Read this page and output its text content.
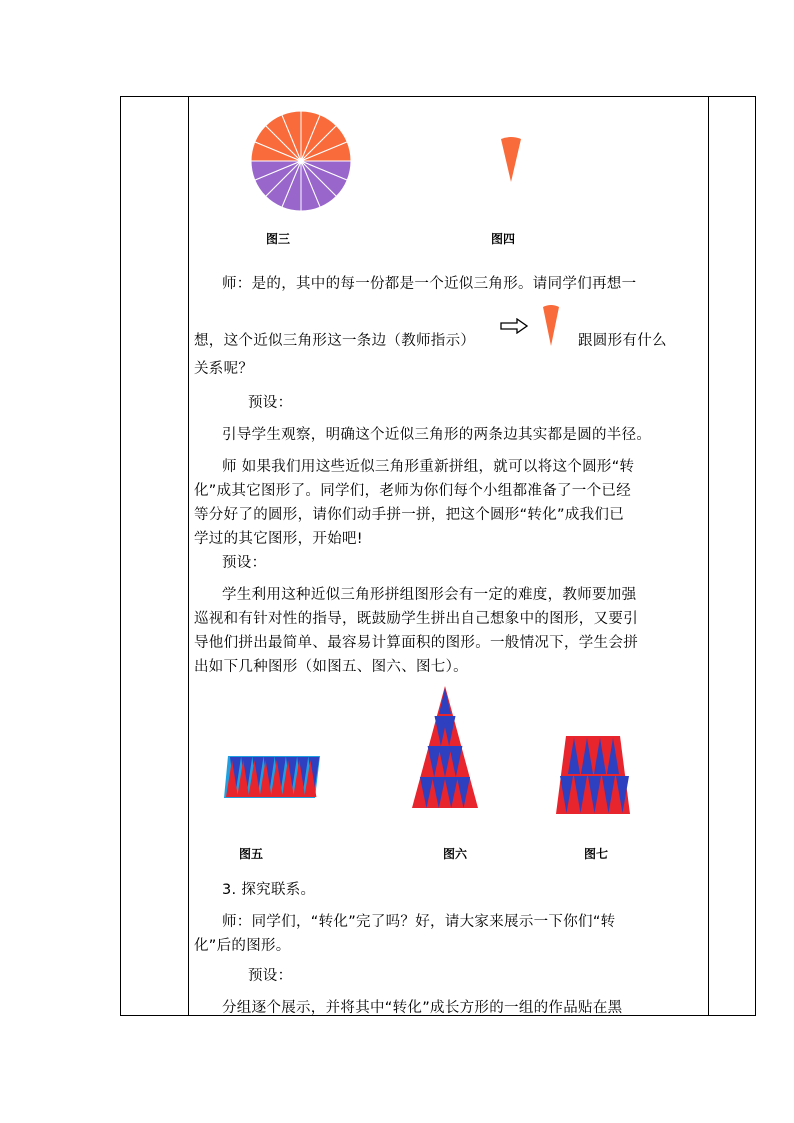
图三	图四
师：是的，其中的每一份都是一个近似三角形。请同学们再想一
想，这个近似三角形这一条边（教师指示）	跟圆形有什么
关系呢？
预设：
引导学生观察，明确这个近似三角形的两条边其实都是圆的半径。
师 如果我们用这些近似三角形重新拼组，就可以将这个圆形“转
化”成其它图形了。同学们，老师为你们每个小组都准备了一个已经
等分好了的圆形，请你们动手拼一拼，把这个圆形“转化”成我们已
学过的其它图形，开始吧!
预设：
学生利用这种近似三角形拼组图形会有一定的难度，教师要加强
巡视和有针对性的指导，既鼓励学生拼出自己想象中的图形，又要引
导他们拼出最简单、最容易计算面积的图形。一般情况下，学生会拼
出如下几种图形（如图五、图六、图七）。
图五	图六	图七
3. 探究联系。
师：同学们，“转化”完了吗？好，请大家来展示一下你们“转
化”后的图形。
预设：
分组逐个展示，并将其中“转化”成长方形的一组的作品贴在黑
